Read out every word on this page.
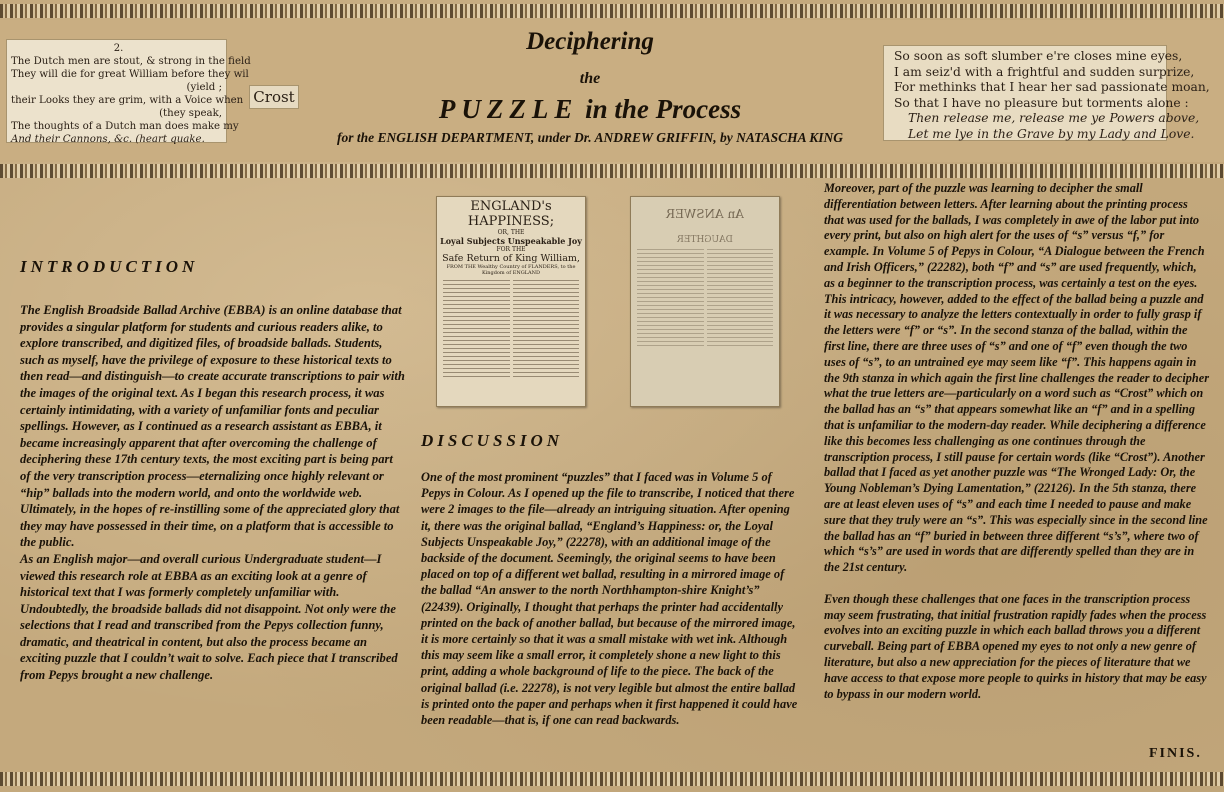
Deciphering
the
PUZZLE in the Process
for the ENGLISH DEPARTMENT, under Dr. ANDREW GRIFFIN, by NATASCHA KING
2.
The Dutch men are stout, & strong in the field
They will die for great William before they wil
(yield ;
their Looks they are grim, with a Voice when
(they speak,
The thoughts of a Dutch man does make my
And their Cannons, &c. (heart quake.
Crost
So soon as soft slumber e're closes mine eyes,
I am seiz'd with a frightful and sudden surprize,
For methinks that I hear her sad passionate moan,
So that I have no pleasure but torments alone :
Then release me, release me ye Powers above,
Let me lye in the Grave by my Lady and Love.
INTRODUCTION

The English Broadside Ballad Archive (EBBA) is an online database that provides a singular platform for students and curious readers alike, to explore transcribed, and digitized files, of broadside ballads. Students, such as myself, have the privilege of exposure to these historical texts to then read—and distinguish—to create accurate transcriptions to pair with the images of the original text. As I began this research process, it was certainly intimidating, with a variety of unfamiliar fonts and peculiar spellings. However, as I continued as a research assistant as EBBA, it became increasingly apparent that after overcoming the challenge of deciphering these 17th century texts, the most exciting part is being part of the very transcription process—eternalizing once highly relevant or “hip” ballads into the modern world, and onto the worldwide web. Ultimately, in the hopes of re-instilling some of the appreciated glory that they may have possessed in their time, on a platform that is accessible to the public.

As an English major—and overall curious Undergraduate student—I viewed this research role at EBBA as an exciting look at a genre of historical text that I was formerly completely unfamiliar with. Undoubtedly, the broadside ballads did not disappoint. Not only were the selections that I read and transcribed from the Pepys collection funny, dramatic, and theatrical in content, but also the process became an exciting puzzle that I couldn’t wait to solve. Each piece that I transcribed from Pepys brought a new challenge.

ENGLAND's HAPPINESS;
OR, THE
Loyal Subjects Unspeakable Joy
FOR THE
Safe Return of King William,
FROM THE Wealthy Country of FLANDERS, to the Kingdom of ENGLAND
An ANSWER
DAUGHTER
DISCUSSION

One of the most prominent “puzzles” that I faced was in Volume 5 of Pepys in Colour. As I opened up the file to transcribe, I noticed that there were 2 images to the file—already an intriguing situation. After opening it, there was the original ballad, “England’s Happiness: or, the Loyal Subjects Unspeakable Joy,” (22278), with an additional image of the backside of the document. Seemingly, the original seems to have been placed on top of a different wet ballad, resulting in a mirrored image of the ballad “An answer to the north Northhampton-shire Knight’s” (22439). Originally, I thought that perhaps the printer had accidentally printed on the back of another ballad, but because of the mirrored image, it is more certainly so that it was a small mistake with wet ink. Although this may seem like a small error, it completely shone a new light to this print, adding a whole background of life to the piece. The back of the original ballad (i.e. 22278), is not very legible but almost the entire ballad is printed onto the paper and perhaps when it first happened it could have been readable—that is, if one can read backwards.

Moreover, part of the puzzle was learning to decipher the small differentiation between letters. After learning about the printing process that was used for the ballads, I was completely in awe of the labor put into every print, but also on high alert for the uses of “s” versus “f,” for example. In Volume 5 of Pepys in Colour, “A Dialogue between the French and Irish Officers,” (22282), both “f” and “s” are used frequently, which, as a beginner to the transcription process, was certainly a test on the eyes. This intricacy, however, added to the effect of the ballad being a puzzle and it was necessary to analyze the letters contextually in order to fully grasp if the letters were “f” or “s”. In the second stanza of the ballad, within the first line, there are three uses of “s” and one of “f” even though the two uses of “s”, to an untrained eye may seem like “f”. This happens again in the 9th stanza in which again the first line challenges the reader to decipher what the true letters are—particularly on a word such as “Crost” which on the ballad has an “s” that appears somewhat like an “f” and in a spelling that is unfamiliar to the modern-day reader. While deciphering a difference like this becomes less challenging as one continues through the transcription process, I still pause for certain words (like “Crost”). Another ballad that I faced as yet another puzzle was “The Wronged Lady: Or, the Young Nobleman’s Dying Lamentation,” (22126). In the 5th stanza, there are at least eleven uses of “s” and each time I needed to pause and make sure that they truly were an “s”. This was especially since in the second line the ballad has an “f” buried in between three different “s’s”, where two of which “s’s” are used in words that are differently spelled than they are in the 21st century.

Even though these challenges that one faces in the transcription process may seem frustrating, that initial frustration rapidly fades when the process evolves into an exciting puzzle in which each ballad throws you a different curveball. Being part of EBBA opened my eyes to not only a new genre of literature, but also a new appreciation for the pieces of literature that we have access to that expose more people to quirks in history that may be easy to bypass in our modern world.

FINIS.
